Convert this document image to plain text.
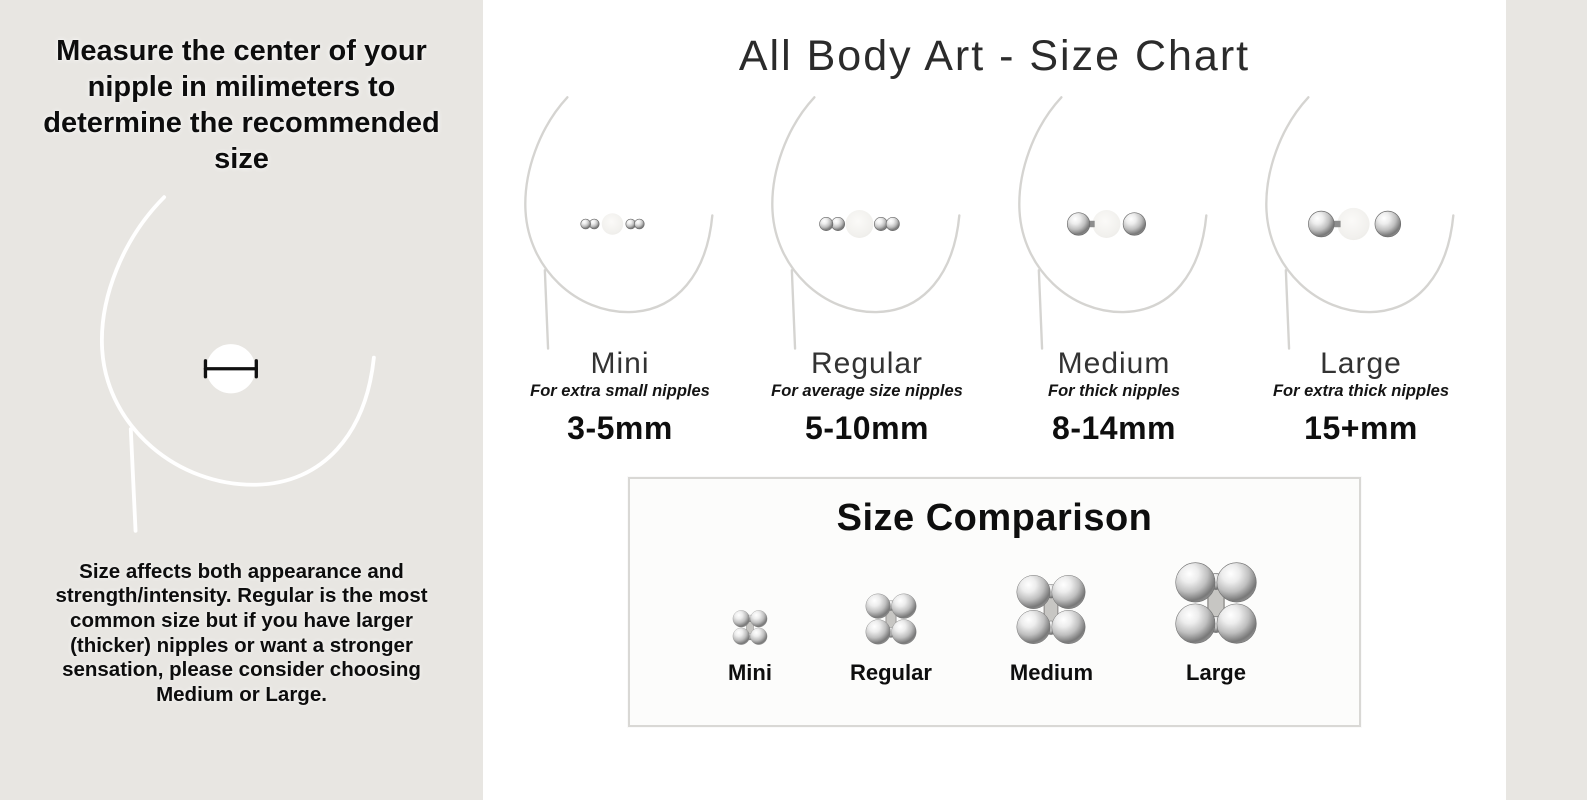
Measure the center of your nipple in milimeters to determine the recommended size
Size affects both appearance and strength/intensity. Regular is the most common size but if you have larger (thicker) nipples or want a stronger sensation, please consider choosing Medium or Large.
All Body Art - Size Chart
Mini
For extra small nipples
3-5mm
Regular
For average size nipples
5-10mm
Medium
For thick nipples
8-14mm
Large
For extra thick nipples
15+mm
Size Comparison
Mini	Regular	Medium	Large
